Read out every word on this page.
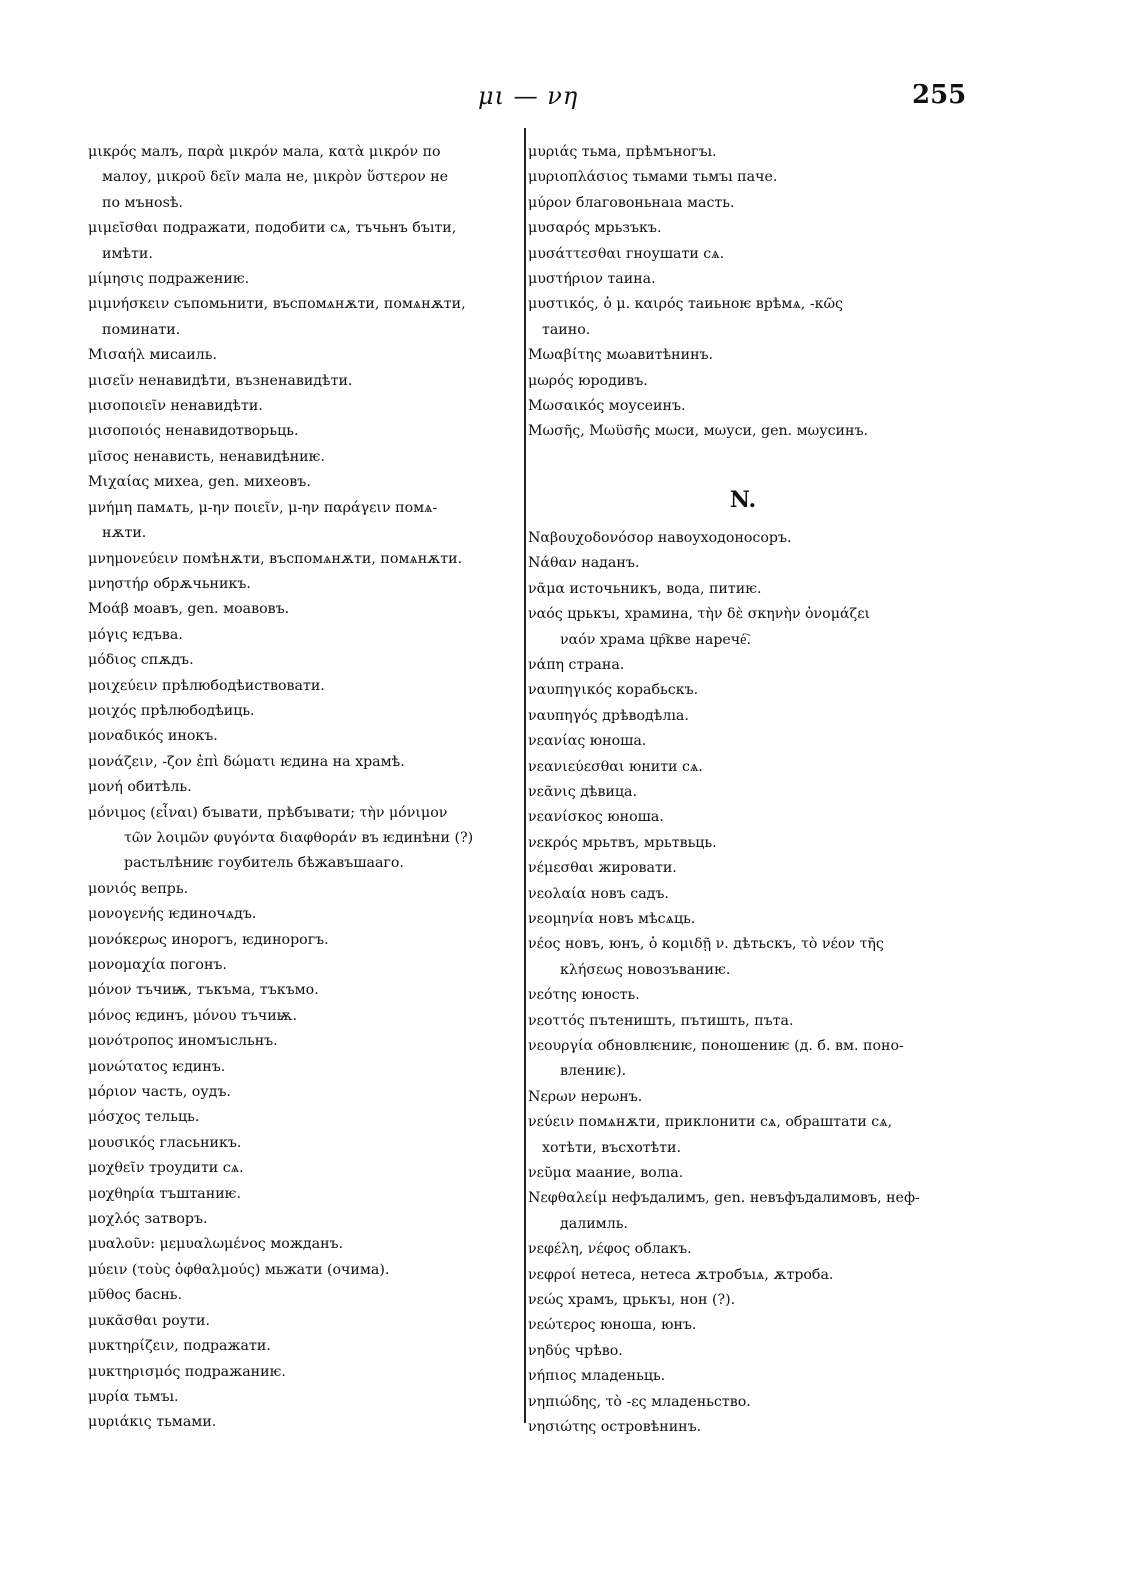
μι — νη	255
μικρός малъ, παρὰ μικρόν мала, κατὰ μικρόν по
малоу, μικροῦ δεῖν мала не, μικρὸν ὕστερον не
по мъноѕѣ.
μιμεῖσθαι подражати, подобити сѧ, тъчьнъ бъıти,
имѣти.
μίμησις подражениѥ.
μιμνήσκειν съпомьнити, въспомѧнѫти, помѧнѫти,
поминати.
Μισαήλ мисаиль.
μισεῖν ненавидѣти, възненавидѣти.
μισοποιεῖν ненавидѣти.
μισοποιός ненавидотворьць.
μῖσος ненависть, ненавидѣниѥ.
Μιχαίας михеа, gen. михеовъ.
μνήμη памѧть, μ-ην ποιεῖν, μ-ην παράγειν помѧ-
нѫти.
μνημονεύειν помѣнѫти, въспомѧнѫти, помѧнѫти.
μνηστήρ обрѫчьникъ.
Μοάβ моавъ, gen. моавовъ.
μόγις ѥдъва.
μόδιος спѫдъ.
μοιχεύειν прѣлюбодѣиствовати.
μοιχός прѣлюбодѣиць.
μοναδικός инокъ.
μονάζειν, -ζον ἐπὶ δώματι ѥдина на храмѣ.
μονή обитѣль.
μόνιμος (εἶναι) бъıвати, прѣбъıвати; τὴν μόνιμον
τῶν λοιμῶν φυγόντα διαφθοράν въ ѥдинѣни (?)
растьлѣниѥ гоубитель бѣжавъшааго.
μονιός вепрь.
μονογενής ѥдиночѧдъ.
μονόκερως инорогъ, ѥдинорогъ.
μονομαχία погонъ.
μόνον тъчиѭ, тъкъма, тъкъмо.
μόνος ѥдинъ, μόνου тъчиѭ.
μονότροπος иномъıсльнъ.
μονώτατος ѥдинъ.
μόριον часть, оудъ.
μόσχος тельць.
μουσικός гласьникъ.
μοχθεῖν троудити сѧ.
μοχθηρία тъштаниѥ.
μοχλός затворъ.
μυαλοῦν: μεμυαλωμένος можданъ.
μύειν (τοὺς ὀφθαλμούς) мьжати (очима).
μῦθος баснь.
μυκᾶσθαι роути.
μυκτηρίζειν, подражати.
μυκτηρισμός подражаниѥ.
μυρία тьмъı.
μυριάκις тьмами.
μυριάς тьма, прѣмъногъı.
μυριοπλάσιος тьмами тьмъı паче.
μύρον благовоньнаıа масть.
μυσαρός мрьзъкъ.
μυσάττεσθαι гноушати сѧ.
μυστήριον таина.
μυστικός, ὁ μ. καιρός таиьноѥ врѣмѧ, -κῶς
таино.
Μωαβίτης мωавитѣнинъ.
μωρός юродивъ.
Μωσαικός моусеинъ.
Μωσῆς, Μωϋσῆς мωси, мωуси, gen. мωусинъ.
N.
Ναβουχοδονόσορ навоуходоносоръ.
Νάθαν наданъ.
νᾶμα источьникъ, вода, питиѥ.
ναός црькъı, храмина, τὴν δὲ σκηνὴν ὀνομάζει
ναόν храма цр҇кве нарече҇.
νάπη страна.
ναυπηγικός корабьскъ.
ναυπηγός дрѣводѣлıа.
νεανίας юноша.
νεανιεύεσθαι юнити сѧ.
νεᾶνις дѣвица.
νεανίσκος юноша.
νεκρός мрьтвъ, мрьтвьць.
νέμεσθαι жировати.
νεολαία новъ садъ.
νεομηνία новъ мѣсѧць.
νέος новъ, юнъ, ὁ κομιδῇ ν. дѣтьскъ, τὸ νέον τῆς
κλήσεως новозъваниѥ.
νεότης юность.
νεοττός пътеништь, пътишть, пъта.
νεουργία обновлѥниѥ, поношениѥ (д. б. вм. поно-
влениѥ).
Νερων нерωнъ.
νεύειν помѧнѫти, приклонити сѧ, обраштати сѧ,
хотѣти, въсхотѣти.
νεῦμα маание, волıа.
Νεφθαλείμ нефъдалимъ, gen. невъфъдалимовъ, неф-
далимль.
νεφέλη, νέφος облакъ.
νεφροί нетеса, нетеса ѫтробъıѧ, ѫтроба.
νεώς храмъ, црькъı, нон (?).
νεώτερος юноша, юнъ.
νηδύς чрѣво.
νήπιος младеньць.
νηπιώδης, τὸ -ες младеньство.
νησιώτης островѣнинъ.
